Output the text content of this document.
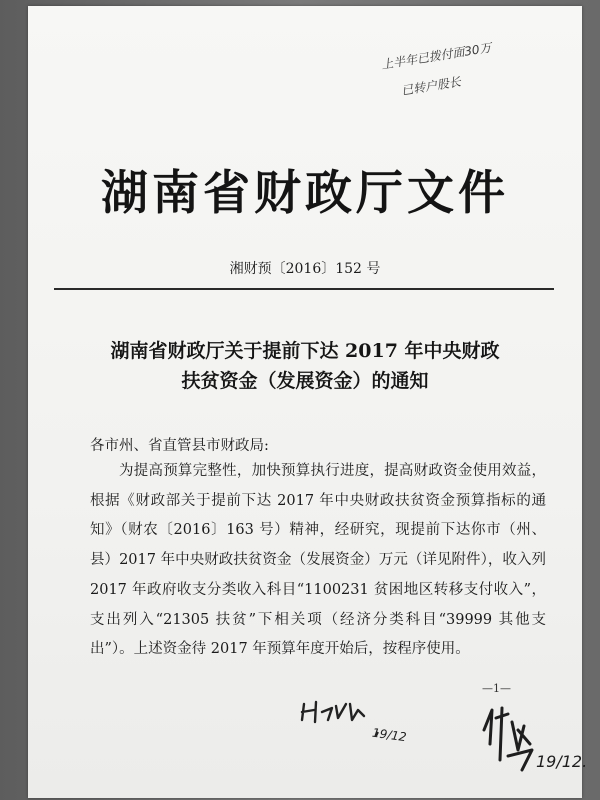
上半年已拨付面30万
已转户股长
湖南省财政厅文件
湘财预〔2016〕152 号
湖南省财政厅关于提前下达 2017 年中央财政
扶贫资金（发展资金）的通知
各市州、省直管县市财政局:
为提高预算完整性，加快预算执行进度，提高财政资金使用效益，根据《财政部关于提前下达 2017 年中央财政扶贫资金预算指标的通知》（财农〔2016〕163 号）精神，经研究，现提前下达你市（州、县）2017 年中央财政扶贫资金（发展资金）万元（详见附件），收入列 2017 年政府收支分类收入科目“1100231 贫困地区转移支付收入”，支出列入“21305 扶贫”下相关项（经济分类科目“39999 其他支出”）。上述资金待 2017 年预算年度开始后，按程序使用。
—1—
19/12
19/12.
